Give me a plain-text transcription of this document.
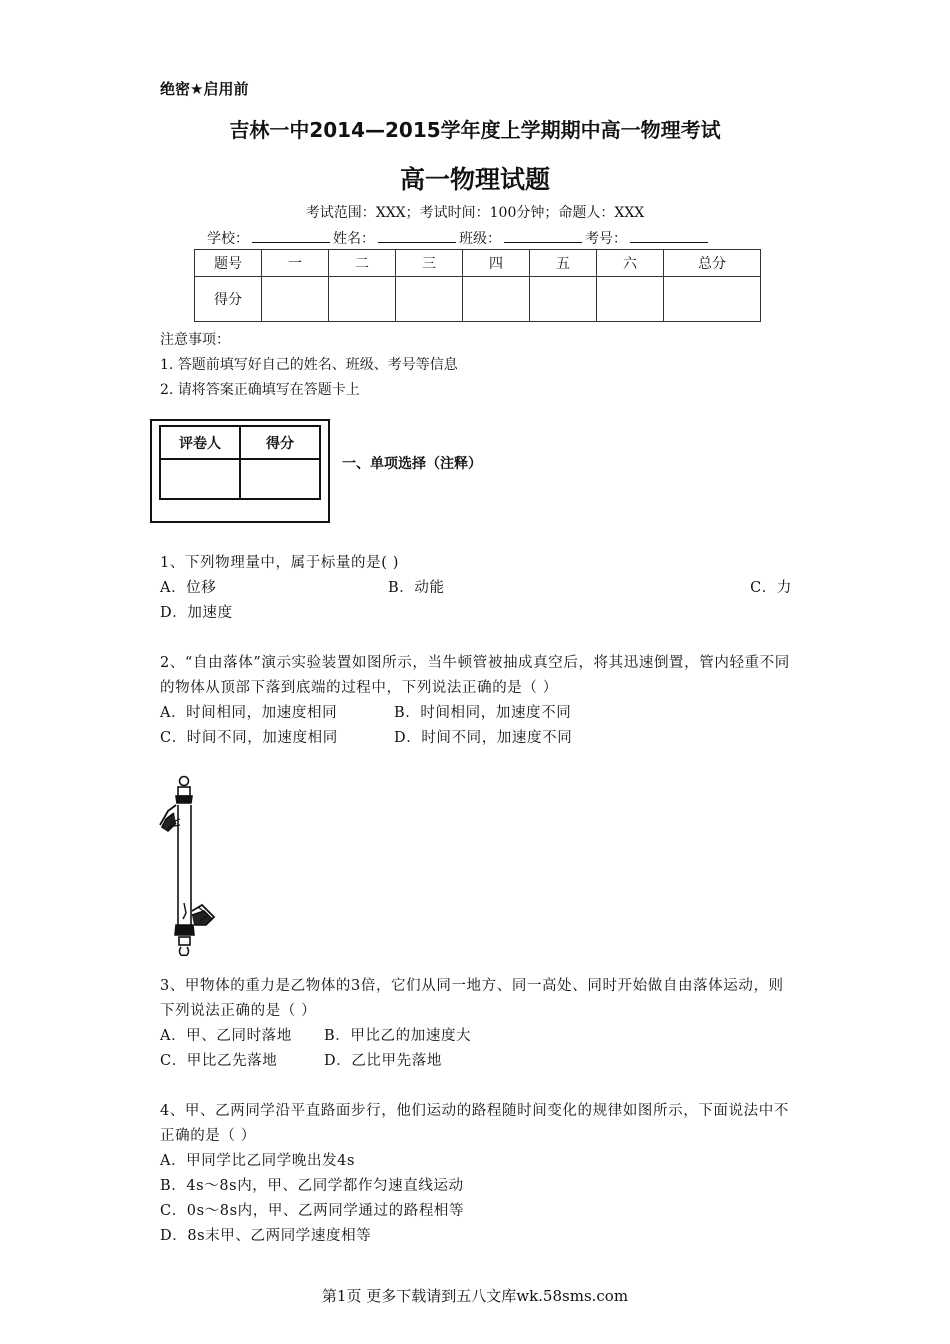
绝密★启用前
吉林一中2014—2015学年度上学期期中高一物理考试
高一物理试题
考试范围：XXX；考试时间：100分钟；命题人：XXX
学校：	姓名：	班级：	考号：
题号	一	二	三	四	五	六	总分
得分							
注意事项：
1. 答题前填写好自己的姓名、班级、考号等信息
2. 请将答案正确填写在答题卡上
评卷人	得分

一、单项选择（注释）
1、下列物理量中，属于标量的是( )
A．位移	B．动能	C．力
D．加速度
2、“自由落体”演示实验装置如图所示，当牛顿管被抽成真空后，将其迅速倒置，管内轻重不同的物体从顶部下落到底端的过程中，下列说法正确的是（ ）
A．时间相同，加速度相同	B．时间相同，加速度不同
C．时间不同，加速度相同	D．时间不同，加速度不同
3、甲物体的重力是乙物体的3倍，它们从同一地方、同一高处、同时开始做自由落体运动，则下列说法正确的是（ ）
A．甲、乙同时落地 B．甲比乙的加速度大
C．甲比乙先落地	D．乙比甲先落地
4、甲、乙两同学沿平直路面步行，他们运动的路程随时间变化的规律如图所示，下面说法中不正确的是（ ）
A．甲同学比乙同学晚出发4s
B．4s～8s内，甲、乙同学都作匀速直线运动
C．0s～8s内，甲、乙两同学通过的路程相等
D．8s末甲、乙两同学速度相等
第1页 更多下载请到五八文库wk.58sms.com
